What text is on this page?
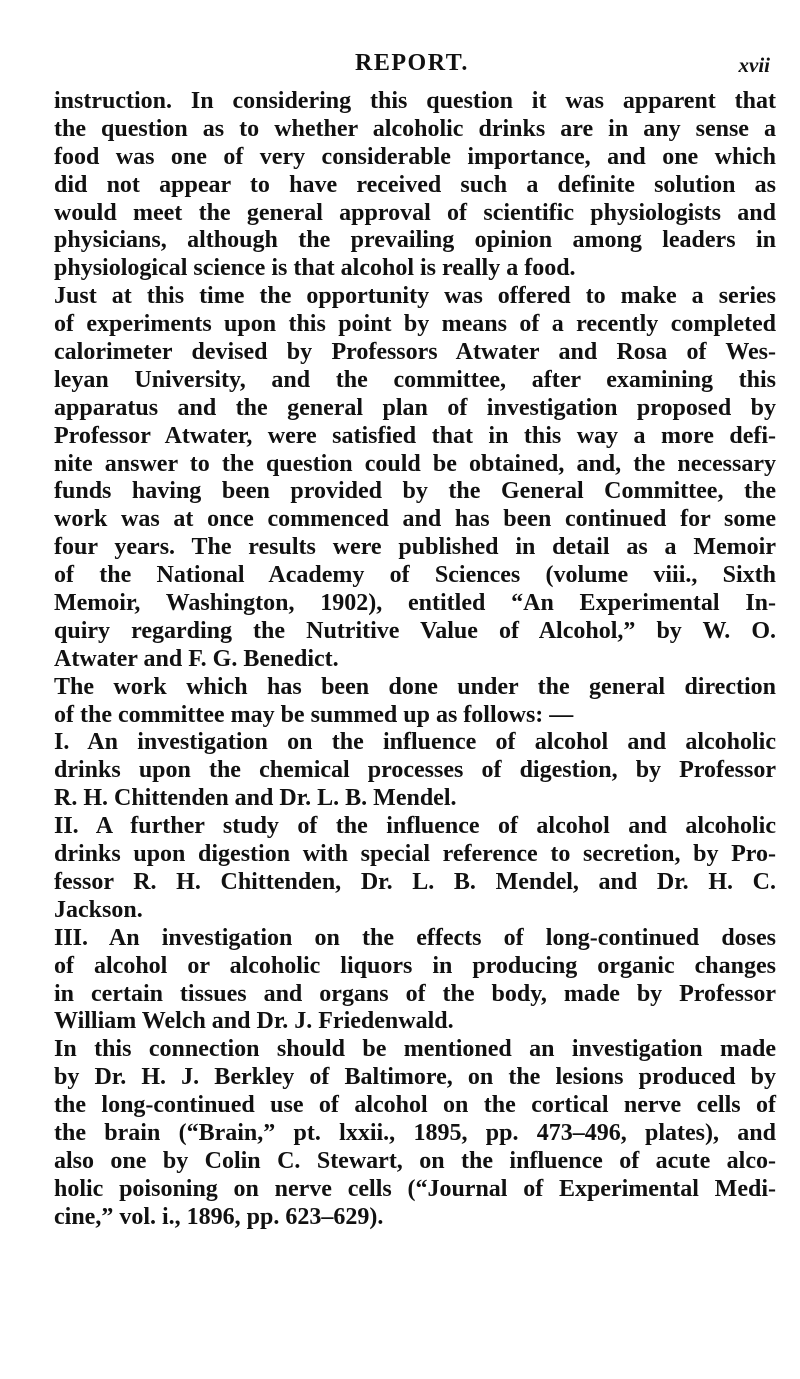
REPORT.	xvii
instruction. In considering this question it was apparent that
the question as to whether alcoholic drinks are in any sense a
food was one of very considerable importance, and one which
did not appear to have received such a definite solution as
would meet the general approval of scientific physiologists and
physicians, although the prevailing opinion among leaders in
physiological science is that alcohol is really a food.
Just at this time the opportunity was offered to make a series
of experiments upon this point by means of a recently completed
calorimeter devised by Professors Atwater and Rosa of Wes-
leyan University, and the committee, after examining this
apparatus and the general plan of investigation proposed by
Professor Atwater, were satisfied that in this way a more defi-
nite answer to the question could be obtained, and, the necessary
funds having been provided by the General Committee, the
work was at once commenced and has been continued for some
four years. The results were published in detail as a Memoir
of the National Academy of Sciences (volume viii., Sixth
Memoir, Washington, 1902), entitled “An Experimental In-
quiry regarding the Nutritive Value of Alcohol,” by W. O.
Atwater and F. G. Benedict.
The work which has been done under the general direction
of the committee may be summed up as follows: —
I. An investigation on the influence of alcohol and alcoholic
drinks upon the chemical processes of digestion, by Professor
R. H. Chittenden and Dr. L. B. Mendel.
II. A further study of the influence of alcohol and alcoholic
drinks upon digestion with special reference to secretion, by Pro-
fessor R. H. Chittenden, Dr. L. B. Mendel, and Dr. H. C.
Jackson.
III. An investigation on the effects of long-continued doses
of alcohol or alcoholic liquors in producing organic changes
in certain tissues and organs of the body, made by Professor
William Welch and Dr. J. Friedenwald.
In this connection should be mentioned an investigation made
by Dr. H. J. Berkley of Baltimore, on the lesions produced by
the long-continued use of alcohol on the cortical nerve cells of
the brain (“Brain,” pt. lxxii., 1895, pp. 473–496, plates), and
also one by Colin C. Stewart, on the influence of acute alco-
holic poisoning on nerve cells (“Journal of Experimental Medi-
cine,” vol. i., 1896, pp. 623–629).
